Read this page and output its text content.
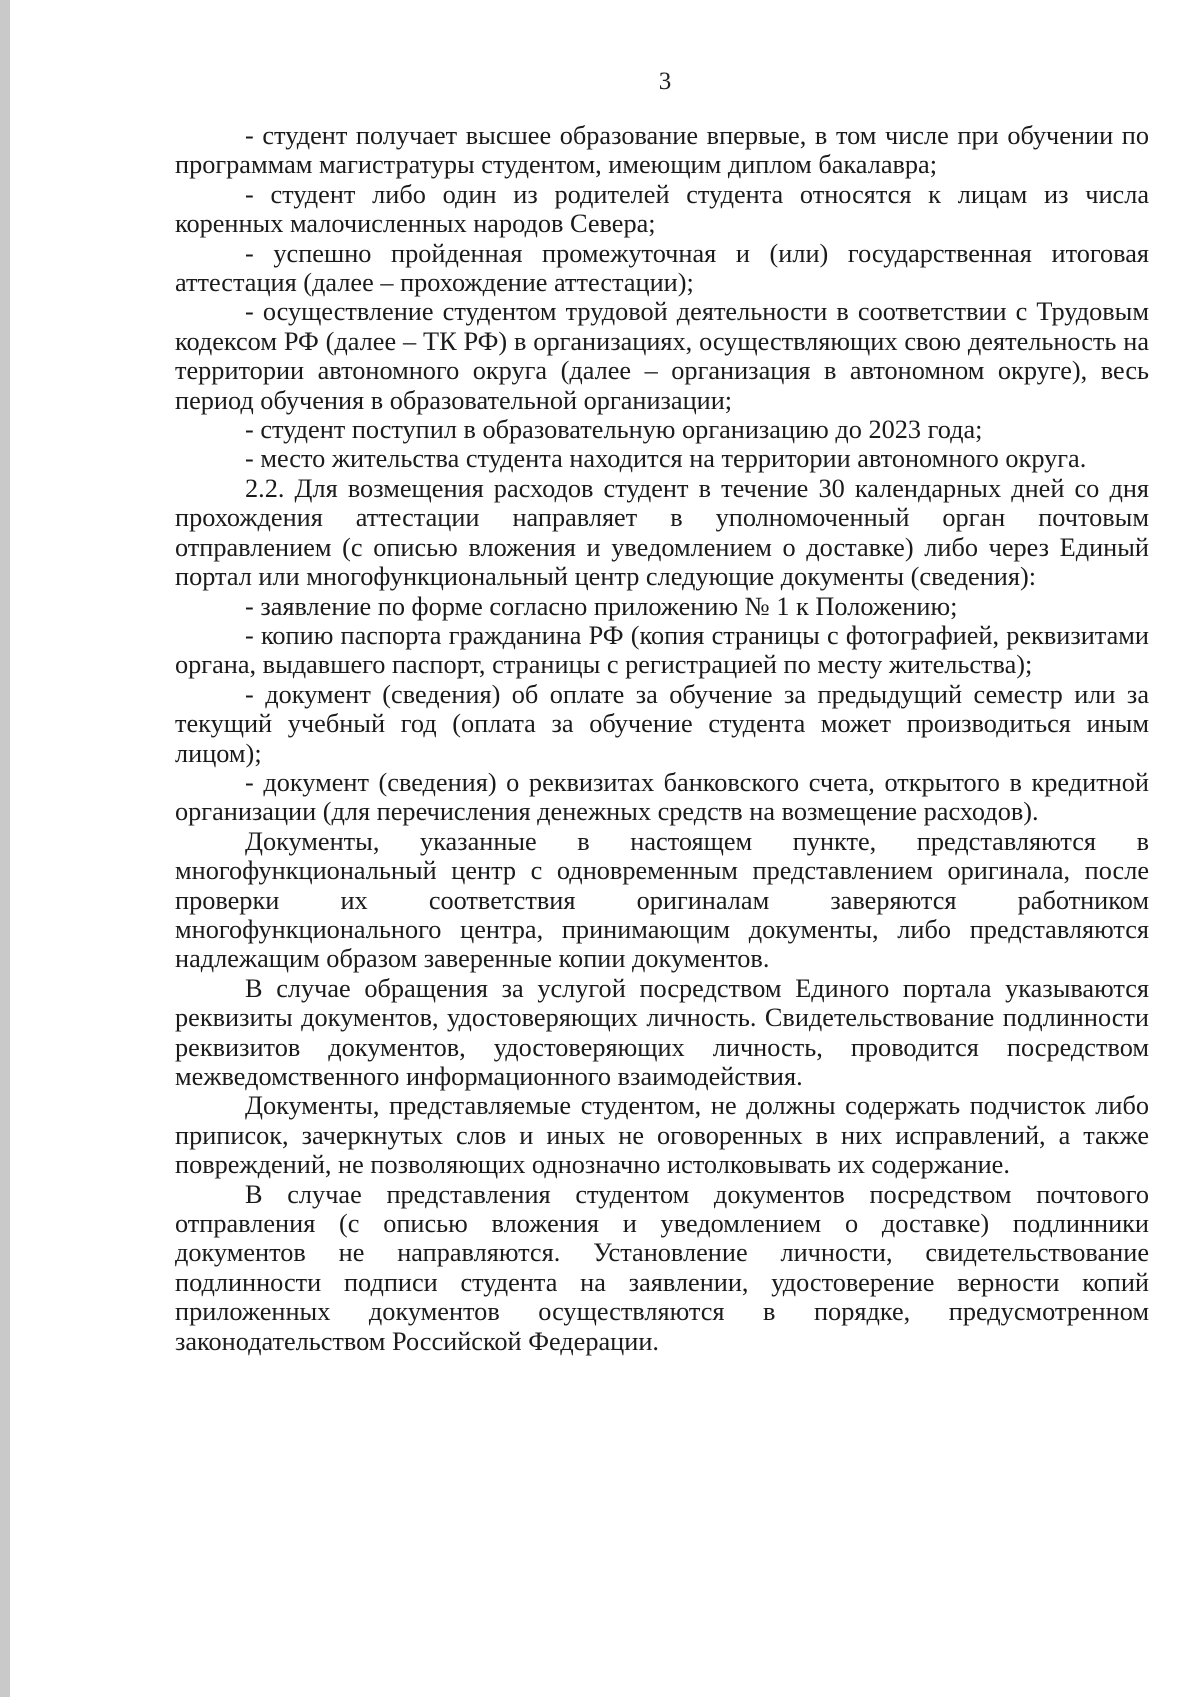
3

- студент получает высшее образование впервые, в том числе при обучении по программам магистратуры студентом, имеющим диплом бакалавра;

- студент либо один из родителей студента относятся к лицам из числа коренных малочисленных народов Севера;

- успешно пройденная промежуточная и (или) государственная итоговая аттестация (далее – прохождение аттестации);

- осуществление студентом трудовой деятельности в соответствии с Трудовым кодексом РФ (далее – ТК РФ) в организациях, осуществляющих свою деятельность на территории автономного округа (далее – организация в автономном округе), весь период обучения в образовательной организации;

- студент поступил в образовательную организацию до 2023 года;

- место жительства студента находится на территории автономного округа.

2.2. Для возмещения расходов студент в течение 30 календарных дней со дня прохождения аттестации направляет в уполномоченный орган почтовым отправлением (с описью вложения и уведомлением о доставке) либо через Единый портал или многофункциональный центр следующие документы (сведения):

- заявление по форме согласно приложению № 1 к Положению;

- копию паспорта гражданина РФ (копия страницы с фотографией, реквизитами органа, выдавшего паспорт, страницы с регистрацией по месту жительства);

- документ (сведения) об оплате за обучение за предыдущий семестр или за текущий учебный год (оплата за обучение студента может производиться иным лицом);

- документ (сведения) о реквизитах банковского счета, открытого в кредитной организации (для перечисления денежных средств на возмещение расходов).

Документы, указанные в настоящем пункте, представляются в многофункциональный центр с одновременным представлением оригинала, после проверки их соответствия оригиналам заверяются работником многофункционального центра, принимающим документы, либо представляются надлежащим образом заверенные копии документов.

В случае обращения за услугой посредством Единого портала указываются реквизиты документов, удостоверяющих личность. Свидетельствование подлинности реквизитов документов, удостоверяющих личность, проводится посредством межведомственного информационного взаимодействия.

Документы, представляемые студентом, не должны содержать подчисток либо приписок, зачеркнутых слов и иных не оговоренных в них исправлений, а также повреждений, не позволяющих однозначно истолковывать их содержание.

В случае представления студентом документов посредством почтового отправления (с описью вложения и уведомлением о доставке) подлинники документов не направляются. Установление личности, свидетельствование подлинности подписи студента на заявлении, удостоверение верности копий приложенных документов осуществляются в порядке, предусмотренном законодательством Российской Федерации.
